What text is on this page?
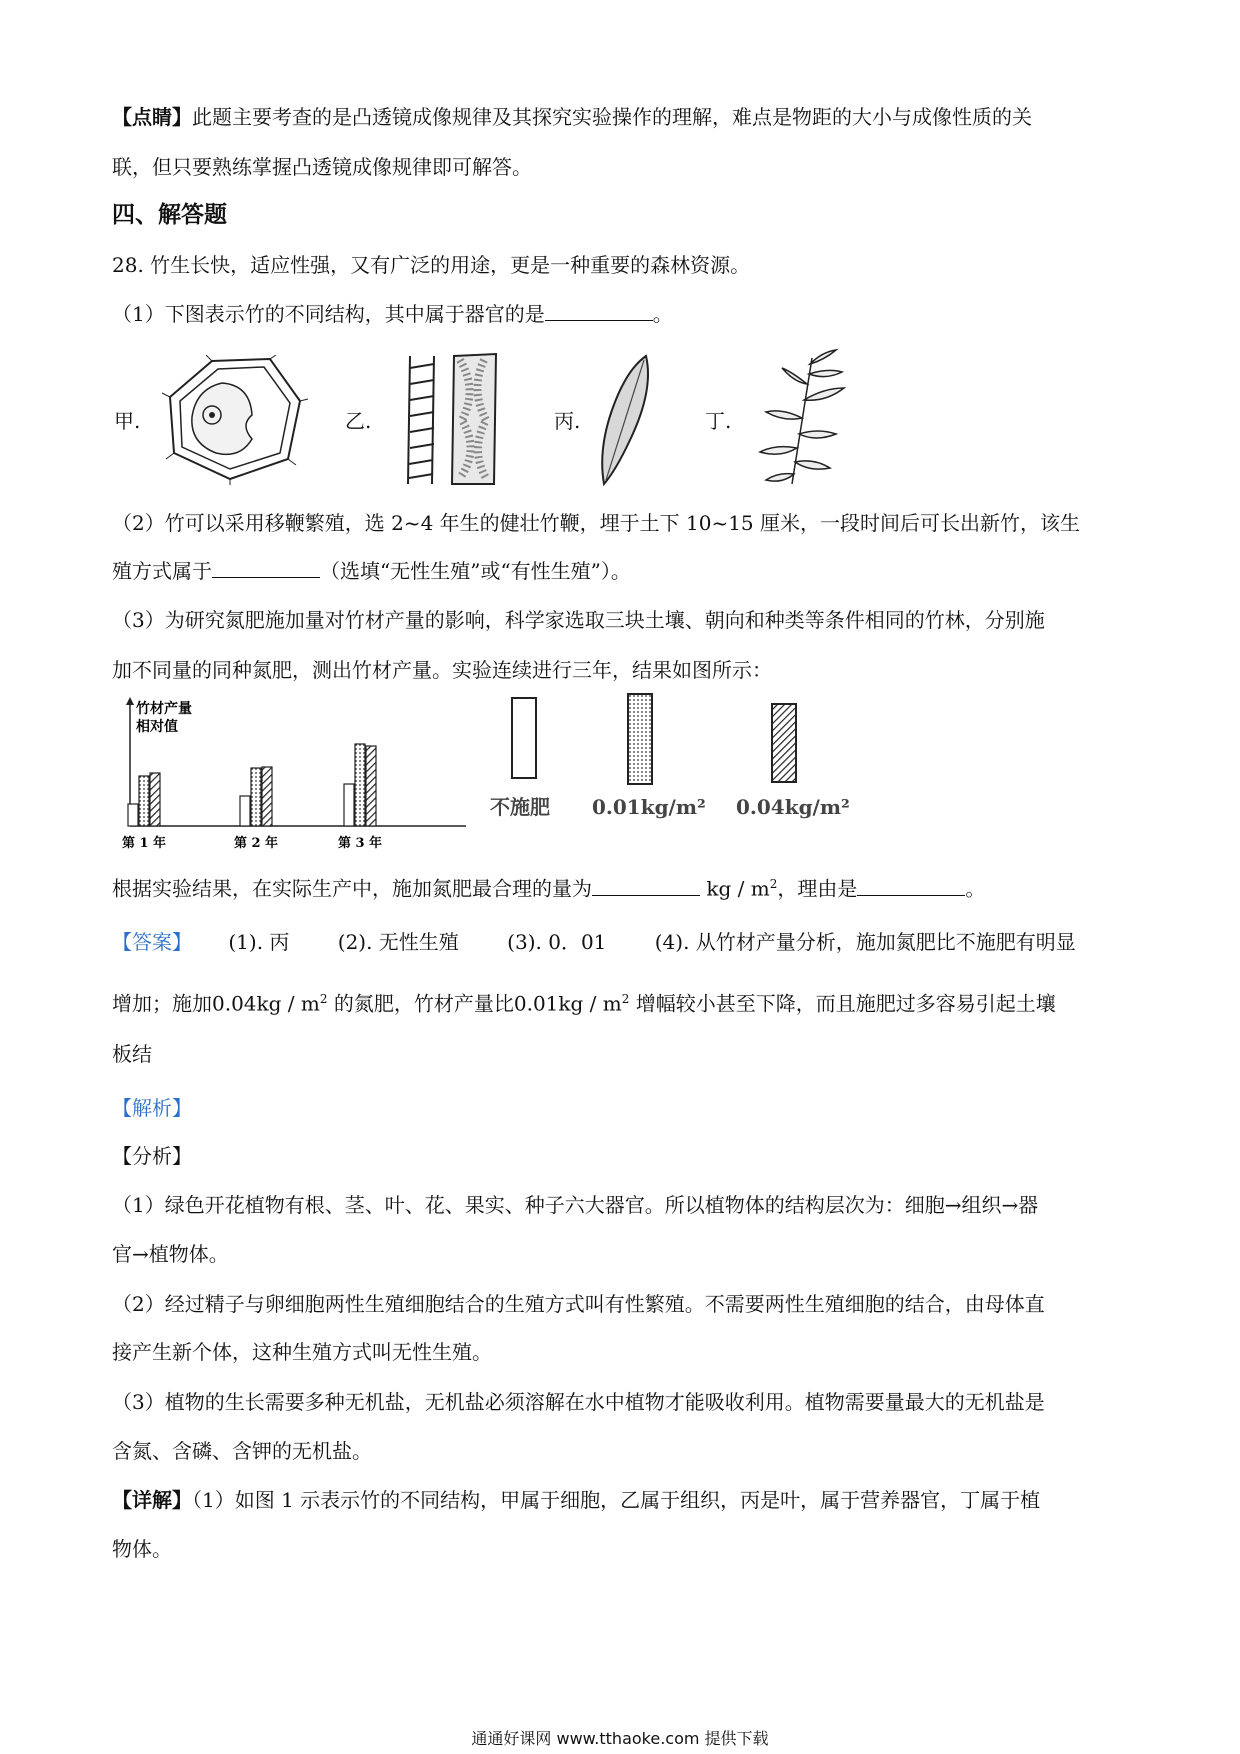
【点睛】此题主要考查的是凸透镜成像规律及其探究实验操作的理解，难点是物距的大小与成像性质的关
联，但只要熟练掌握凸透镜成像规律即可解答。
四、解答题
28. 竹生长快，适应性强，又有广泛的用途，更是一种重要的森林资源。
（1）下图表示竹的不同结构，其中属于器官的是	。
甲.	乙.	丙.	丁.
（2）竹可以采用移鞭繁殖，选 2~4 年生的健壮竹鞭，埋于土下 10~15 厘米，一段时间后可长出新竹，该生
殖方式属于	（选填“无性生殖”或“有性生殖”）。
（3）为研究氮肥施加量对竹材产量的影响，科学家选取三块土壤、朝向和种类等条件相同的竹林，分别施
加不同量的同种氮肥，测出竹材产量。实验连续进行三年，结果如图所示：
竹材产量
相对值
第 1 年	第 2 年	第 3 年
不施肥 0.01kg/m² 0.04kg/m²
根据实验结果，在实际生产中，施加氮肥最合理的量为	kg / $m^2$，理由是	。
【答案】 (1). 丙 (2). 无性生殖 (3). 0．01 (4). 从竹材产量分析，施加氮肥比不施肥有明显
增加；施加$0.04kg / m^2$ 的氮肥，竹材产量比$0.01kg / m^2$ 增幅较小甚至下降，而且施肥过多容易引起土壤
板结
【解析】
【分析】
（1）绿色开花植物有根、茎、叶、花、果实、种子六大器官。所以植物体的结构层次为：细胞→组织→器
官→植物体。
（2）经过精子与卵细胞两性生殖细胞结合的生殖方式叫有性繁殖。不需要两性生殖细胞的结合，由母体直
接产生新个体，这种生殖方式叫无性生殖。
（3）植物的生长需要多种无机盐，无机盐必须溶解在水中植物才能吸收利用。植物需要量最大的无机盐是
含氮、含磷、含钾的无机盐。
【详解】（1）如图 1 示表示竹的不同结构，甲属于细胞，乙属于组织，丙是叶，属于营养器官，丁属于植
物体。
通通好课网 www.tthaoke.com 提供下载
